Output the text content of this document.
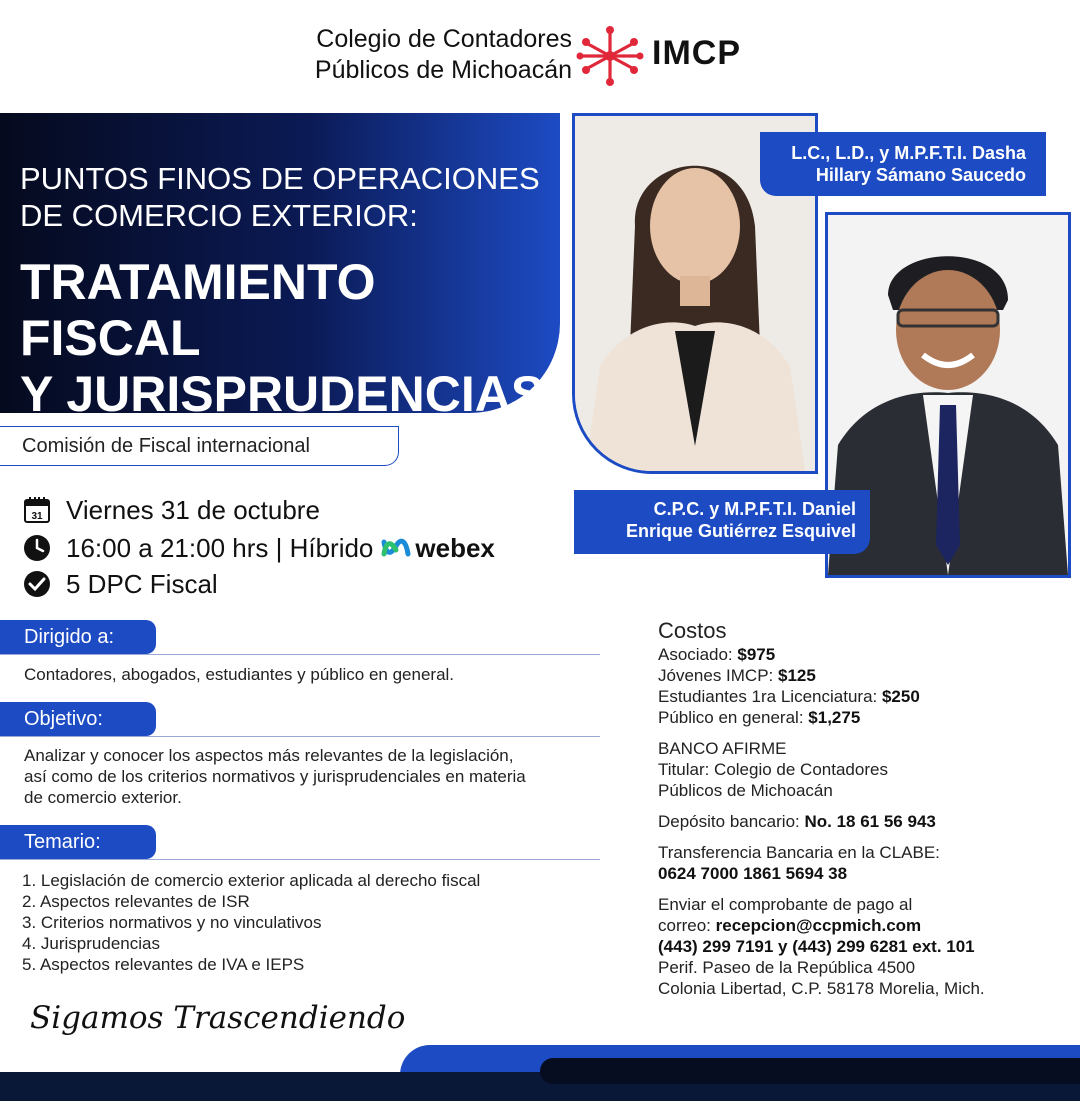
Colegio de Contadores
Públicos de Michoacán IMCP
PUNTOS FINOS DE OPERACIONES
DE COMERCIO EXTERIOR:
TRATAMIENTO FISCAL
Y JURISPRUDENCIAS
Comisión de Fiscal internacional
31 Viernes 31 de octubre
16:00 a 21:00 hrs | Híbrido webex
5 DPC Fiscal
Dirigido a:
Contadores, abogados, estudiantes y público en general.
Objetivo:
Analizar y conocer los aspectos más relevantes de la legislación,
así como de los criterios normativos y jurisprudenciales en materia
de comercio exterior.
Temario:
1. Legislación de comercio exterior aplicada al derecho fiscal
2. Aspectos relevantes de ISR
3. Criterios normativos y no vinculativos
4. Jurisprudencias
5. Aspectos relevantes de IVA e IEPS
L.C., L.D., y M.P.F.T.I. Dasha
Hillary Sámano Saucedo
C.P.C. y M.P.F.T.I. Daniel
Enrique Gutiérrez Esquivel
Costos
Asociado: $975
Jóvenes IMCP: $125
Estudiantes 1ra Licenciatura: $250
Público en general: $1,275
BANCO AFIRME
Titular: Colegio de Contadores
Públicos de Michoacán
Depósito bancario: No. 18 61 56 943
Transferencia Bancaria en la CLABE:
0624 7000 1861 5694 38
Enviar el comprobante de pago al
correo: recepcion@ccpmich.com
(443) 299 7191 y (443) 299 6281 ext. 101
Perif. Paseo de la República 4500
Colonia Libertad, C.P. 58178 Morelia, Mich.
Sigamos Trascendiendo
